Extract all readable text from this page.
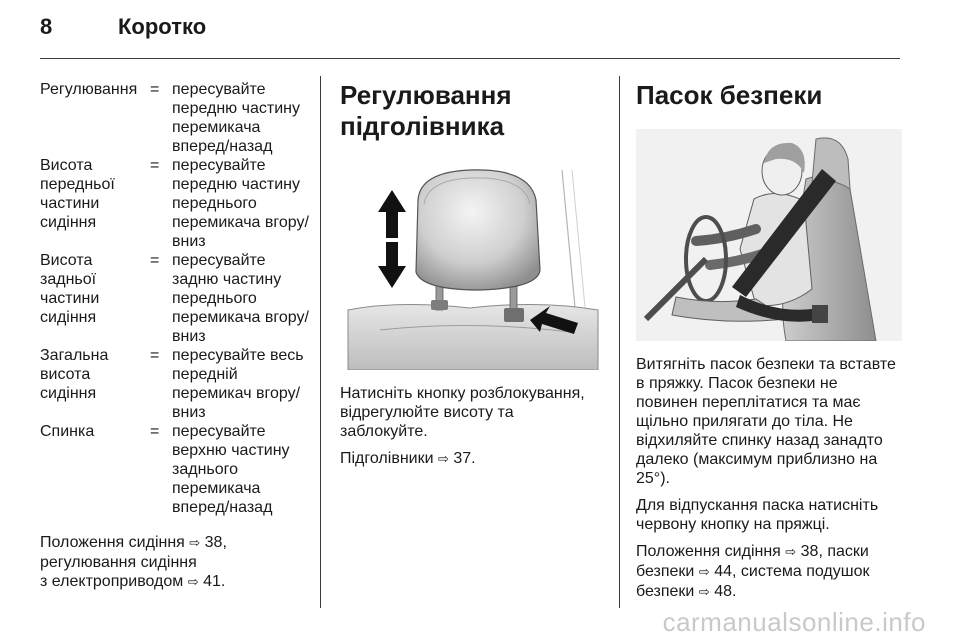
8	Коротко
Регулювання = пересувайте передню частину перемикача вперед/назад
Висота передньої частини сидіння
= пересувайте передню частину переднього перемикача вгору/вниз
Висота задньої частини сидіння
= пересувайте задню частину переднього перемикача вгору/вниз
Загальна висота сидіння
= пересувайте весь передній перемикач вгору/вниз
Спинка	= пересувайте верхню частину заднього перемикача вперед/назад
Положення сидіння ⇨ 38,
регулювання сидіння
з електроприводом ⇨ 41.
Регулювання
підголівника

Натисніть кнопку розблокування, відрегулюйте висоту та заблокуйте.

Підголівники ⇨ 37.

Пасок безпеки

Витягніть пасок безпеки та вставте в пряжку. Пасок безпеки не повинен переплітатися та має щільно прилягати до тіла. Не відхиляйте спинку назад занадто далеко (максимум приблизно на 25°).

Для відпускання паска натисніть червону кнопку на пряжці.

Положення сидіння ⇨ 38, паски безпеки ⇨ 44, система подушок безпеки ⇨ 48.

carmanualsonline.info
